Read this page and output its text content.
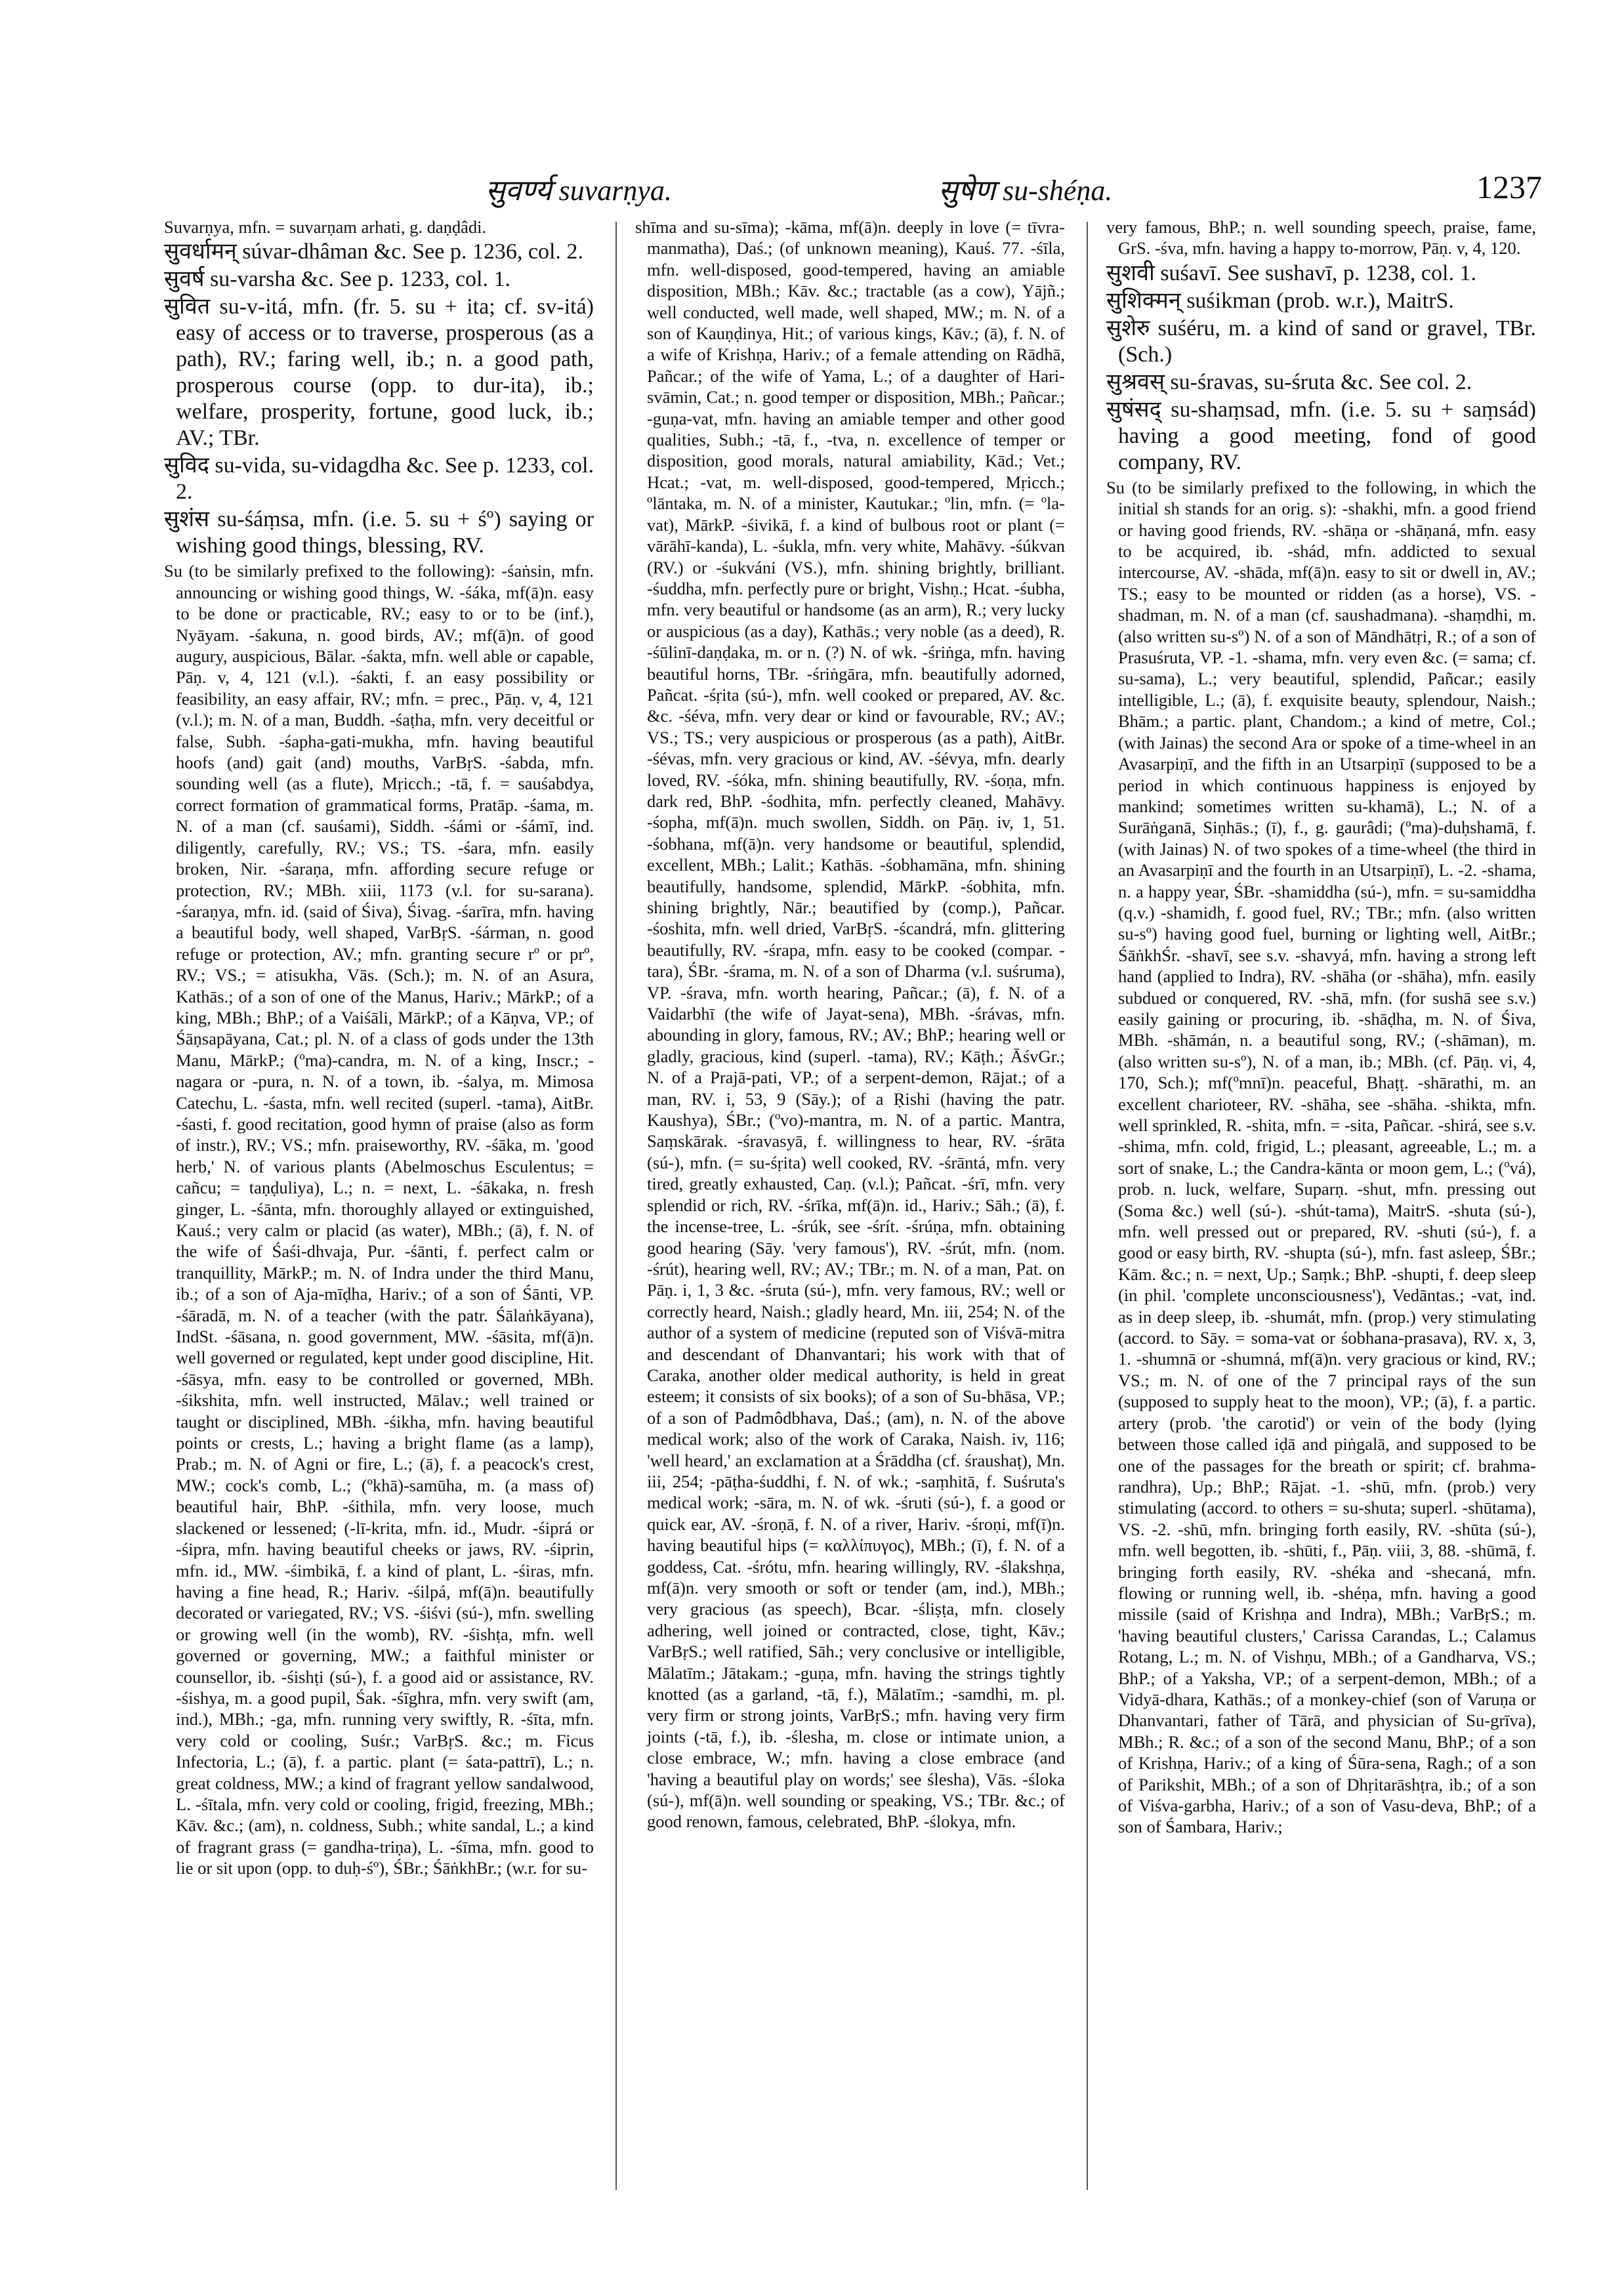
सुवर्ण्य suvarṇya.	सुषेण su-shéṇa.	1237

Suvarṇya, mfn. = suvarṇam arhati, g. daṇḍâdi.

सुवर्धामन् súvar-dhâman &c. See p. 1236, col. 2.

सुवर्ष su-varsha &c. See p. 1233, col. 1.

सुवित su-v-itá, mfn. (fr. 5. su + ita; cf. sv-itá) easy of access or to traverse, prosperous (as a path), RV.; faring well, ib.; n. a good path, prosperous course (opp. to dur-ita), ib.; welfare, prosperity, fortune, good luck, ib.; AV.; TBr.

सुविद su-vida, su-vidagdha &c. See p. 1233, col. 2.

सुशंस su-śáṃsa, mfn. (i.e. 5. su + śº) saying or wishing good things, blessing, RV.

Su (to be similarly prefixed to the following): -śaṅsin, mfn. announcing or wishing good things, W. -śáka, mf(ā)n. easy to be done or practicable, RV.; easy to or to be (inf.), Nyāyam. -śakuna, n. good birds, AV.; mf(ā)n. of good augury, auspicious, Bālar. -śakta, mfn. well able or capable, Pāṇ. v, 4, 121 (v.l.). -śakti, f. an easy possibility or feasibility, an easy affair, RV.; mfn. = prec., Pāṇ. v, 4, 121 (v.l.); m. N. of a man, Buddh. -śaṭha, mfn. very deceitful or false, Subh. -śapha-gati-mukha, mfn. having beautiful hoofs (and) gait (and) mouths, VarBṛS. -śabda, mfn. sounding well (as a flute), Mṛicch.; -tā, f. = sauśabdya, correct formation of grammatical forms, Pratāp. -śama, m. N. of a man (cf. sauśami), Siddh. -śámi or -śámī, ind. diligently, carefully, RV.; VS.; TS. -śara, mfn. easily broken, Nir. -śaraṇa, mfn. affording secure refuge or protection, RV.; MBh. xiii, 1173 (v.l. for su-sarana). -śaraṇya, mfn. id. (said of Śiva), Śivag. -śarīra, mfn. having a beautiful body, well shaped, VarBṛS. -śárman, n. good refuge or protection, AV.; mfn. granting secure rº or prº, RV.; VS.; = atisukha, Vās. (Sch.); m. N. of an Asura, Kathās.; of a son of one of the Manus, Hariv.; MārkP.; of a king, MBh.; BhP.; of a Vaiśāli, MārkP.; of a Kāṇva, VP.; of Śāṇsapāyana, Cat.; pl. N. of a class of gods under the 13th Manu, MārkP.; (ºma)-candra, m. N. of a king, Inscr.; -nagara or -pura, n. N. of a town, ib. -śalya, m. Mimosa Catechu, L. -śasta, mfn. well recited (superl. -tama), AitBr. -śasti, f. good recitation, good hymn of praise (also as form of instr.), RV.; VS.; mfn. praiseworthy, RV. -śāka, m. 'good herb,' N. of various plants (Abelmoschus Esculentus; = cañcu; = taṇḍuliya), L.; n. = next, L. -śākaka, n. fresh ginger, L. -śānta, mfn. thoroughly allayed or extinguished, Kauś.; very calm or placid (as water), MBh.; (ā), f. N. of the wife of Śaśi-dhvaja, Pur. -śānti, f. perfect calm or tranquillity, MārkP.; m. N. of Indra under the third Manu, ib.; of a son of Aja-mīḍha, Hariv.; of a son of Śānti, VP. -śāradā, m. N. of a teacher (with the patr. Śālaṅkāyana), IndSt. -śāsana, n. good government, MW. -śāsita, mf(ā)n. well governed or regulated, kept under good discipline, Hit. -śāsya, mfn. easy to be controlled or governed, MBh. -śikshita, mfn. well instructed, Mālav.; well trained or taught or disciplined, MBh. -śikha, mfn. having beautiful points or crests, L.; having a bright flame (as a lamp), Prab.; m. N. of Agni or fire, L.; (ā), f. a peacock's crest, MW.; cock's comb, L.; (ºkhā)-samūha, m. (a mass of) beautiful hair, BhP. -śithila, mfn. very loose, much slackened or lessened; (-lī-krita, mfn. id., Mudr. -śiprá or -śipra, mfn. having beautiful cheeks or jaws, RV. -śiprin, mfn. id., MW. -śimbikā, f. a kind of plant, L. -śiras, mfn. having a fine head, R.; Hariv. -śilpá, mf(ā)n. beautifully decorated or variegated, RV.; VS. -śiśvi (sú-), mfn. swelling or growing well (in the womb), RV. -śishṭa, mfn. well governed or governing, MW.; a faithful minister or counsellor, ib. -śishṭi (sú-), f. a good aid or assistance, RV. -śishya, m. a good pupil, Śak. -śīghra, mfn. very swift (am, ind.), MBh.; -ga, mfn. running very swiftly, R. -śīta, mfn. very cold or cooling, Suśr.; VarBṛS. &c.; m. Ficus Infectoria, L.; (ā), f. a partic. plant (= śata-pattrī), L.; n. great coldness, MW.; a kind of fragrant yellow sandalwood, L. -śītala, mfn. very cold or cooling, frigid, freezing, MBh.; Kāv. &c.; (am), n. coldness, Subh.; white sandal, L.; a kind of fragrant grass (= gandha-triṇa), L. -śīma, mfn. good to lie or sit upon (opp. to duḥ-śº), ŚBr.; ŚāṅkhBr.; (w.r. for su-

shīma and su-sīma); -kāma, mf(ā)n. deeply in love (= tīvra-manmatha), Daś.; (of unknown meaning), Kauś. 77. -śīla, mfn. well-disposed, good-tempered, having an amiable disposition, MBh.; Kāv. &c.; tractable (as a cow), Yājñ.; well conducted, well made, well shaped, MW.; m. N. of a son of Kauṇḍinya, Hit.; of various kings, Kāv.; (ā), f. N. of a wife of Krishṇa, Hariv.; of a female attending on Rādhā, Pañcar.; of the wife of Yama, L.; of a daughter of Hari-svāmin, Cat.; n. good temper or disposition, MBh.; Pañcar.; -guṇa-vat, mfn. having an amiable temper and other good qualities, Subh.; -tā, f., -tva, n. excellence of temper or disposition, good morals, natural amiability, Kād.; Vet.; Hcat.; -vat, m. well-disposed, good-tempered, Mṛicch.; ºlāntaka, m. N. of a minister, Kautukar.; ºlin, mfn. (= ºla-vat), MārkP. -śivikā, f. a kind of bulbous root or plant (= vārāhī-kanda), L. -śukla, mfn. very white, Mahāvy. -śúkvan (RV.) or -śukváni (VS.), mfn. shining brightly, brilliant. -śuddha, mfn. perfectly pure or bright, Vishṇ.; Hcat. -śubha, mfn. very beautiful or handsome (as an arm), R.; very lucky or auspicious (as a day), Kathās.; very noble (as a deed), R. -śūlinī-daṇḍaka, m. or n. (?) N. of wk. -śriṅga, mfn. having beautiful horns, TBr. -śriṅgāra, mfn. beautifully adorned, Pañcat. -śṛita (sú-), mfn. well cooked or prepared, AV. &c. &c. -śéva, mfn. very dear or kind or favourable, RV.; AV.; VS.; TS.; very auspicious or prosperous (as a path), AitBr. -śévas, mfn. very gracious or kind, AV. -śévya, mfn. dearly loved, RV. -śóka, mfn. shining beautifully, RV. -śoṇa, mfn. dark red, BhP. -śodhita, mfn. perfectly cleaned, Mahāvy. -śopha, mf(ā)n. much swollen, Siddh. on Pāṇ. iv, 1, 51. -śobhana, mf(ā)n. very handsome or beautiful, splendid, excellent, MBh.; Lalit.; Kathās. -śobhamāna, mfn. shining beautifully, handsome, splendid, MārkP. -śobhita, mfn. shining brightly, Nār.; beautified by (comp.), Pañcar. -śoshita, mfn. well dried, VarBṛS. -ścandrá, mfn. glittering beautifully, RV. -śrapa, mfn. easy to be cooked (compar. -tara), ŚBr. -śrama, m. N. of a son of Dharma (v.l. suśruma), VP. -śrava, mfn. worth hearing, Pañcar.; (ā), f. N. of a Vaidarbhī (the wife of Jayat-sena), MBh. -śrávas, mfn. abounding in glory, famous, RV.; AV.; BhP.; hearing well or gladly, gracious, kind (superl. -tama), RV.; Kāṭh.; ĀśvGr.; N. of a Prajā-pati, VP.; of a serpent-demon, Rājat.; of a man, RV. i, 53, 9 (Sāy.); of a Ṛishi (having the patr. Kaushya), ŚBr.; (ºvo)-mantra, m. N. of a partic. Mantra, Saṃskārak. -śravasyā, f. willingness to hear, RV. -śrāta (sú-), mfn. (= su-śṛita) well cooked, RV. -śrāntá, mfn. very tired, greatly exhausted, Caṇ. (v.l.); Pañcat. -śrī, mfn. very splendid or rich, RV. -śrīka, mf(ā)n. id., Hariv.; Sāh.; (ā), f. the incense-tree, L. -śrúk, see -śrít. -śrúṇa, mfn. obtaining good hearing (Sāy. 'very famous'), RV. -śrút, mfn. (nom. -śrút), hearing well, RV.; AV.; TBr.; m. N. of a man, Pat. on Pāṇ. i, 1, 3 &c. -śruta (sú-), mfn. very famous, RV.; well or correctly heard, Naish.; gladly heard, Mn. iii, 254; N. of the author of a system of medicine (reputed son of Viśvā-mitra and descendant of Dhanvantari; his work with that of Caraka, another older medical authority, is held in great esteem; it consists of six books); of a son of Su-bhāsa, VP.; of a son of Padmôdbhava, Daś.; (am), n. N. of the above medical work; also of the work of Caraka, Naish. iv, 116; 'well heard,' an exclamation at a Śrāddha (cf. śraushaṭ), Mn. iii, 254; -pāṭha-śuddhi, f. N. of wk.; -saṃhitā, f. Suśruta's medical work; -sāra, m. N. of wk. -śruti (sú-), f. a good or quick ear, AV. -śroṇā, f. N. of a river, Hariv. -śroṇi, mf(ī)n. having beautiful hips (= καλλίπυγος), MBh.; (ī), f. N. of a goddess, Cat. -śrótu, mfn. hearing willingly, RV. -ślakshṇa, mf(ā)n. very smooth or soft or tender (am, ind.), MBh.; very gracious (as speech), Bcar. -śliṣṭa, mfn. closely adhering, well joined or contracted, close, tight, Kāv.; VarBṛS.; well ratified, Sāh.; very conclusive or intelligible, Mālatīm.; Jātakam.; -guṇa, mfn. having the strings tightly knotted (as a garland, -tā, f.), Mālatīm.; -samdhi, m. pl. very firm or strong joints, VarBṛS.; mfn. having very firm joints (-tā, f.), ib. -ślesha, m. close or intimate union, a close embrace, W.; mfn. having a close embrace (and 'having a beautiful play on words;' see ślesha), Vās. -śloka (sú-), mf(ā)n. well sounding or speaking, VS.; TBr. &c.; of good renown, famous, celebrated, BhP. -ślokya, mfn.

very famous, BhP.; n. well sounding speech, praise, fame, GrS. -śva, mfn. having a happy to-morrow, Pāṇ. v, 4, 120.

सुशवी suśavī. See sushavī, p. 1238, col. 1.

सुशिक्मन् suśikman (prob. w.r.), MaitrS.

सुशेरु suśéru, m. a kind of sand or gravel, TBr. (Sch.)

सुश्रवस् su-śravas, su-śruta &c. See col. 2.

सुषंसद् su-shaṃsad, mfn. (i.e. 5. su + saṃsád) having a good meeting, fond of good company, RV.

Su (to be similarly prefixed to the following, in which the initial sh stands for an orig. s): -shakhi, mfn. a good friend or having good friends, RV. -shāṇa or -shāṇaná, mfn. easy to be acquired, ib. -shád, mfn. addicted to sexual intercourse, AV. -shāda, mf(ā)n. easy to sit or dwell in, AV.; TS.; easy to be mounted or ridden (as a horse), VS. -shadman, m. N. of a man (cf. saushadmana). -shaṃdhi, m. (also written su-sº) N. of a son of Māndhātṛi, R.; of a son of Prasuśruta, VP. -1. -shama, mfn. very even &c. (= sama; cf. su-sama), L.; very beautiful, splendid, Pañcar.; easily intelligible, L.; (ā), f. exquisite beauty, splendour, Naish.; Bhām.; a partic. plant, Chandom.; a kind of metre, Col.; (with Jainas) the second Ara or spoke of a time-wheel in an Avasarpiṇī, and the fifth in an Utsarpiṇī (supposed to be a period in which continuous happiness is enjoyed by mankind; sometimes written su-khamā), L.; N. of a Surāṅganā, Siṇhās.; (ī), f., g. gaurâdi; (ºma)-duḥshamā, f. (with Jainas) N. of two spokes of a time-wheel (the third in an Avasarpiṇī and the fourth in an Utsarpiṇī), L. -2. -shama, n. a happy year, ŚBr. -shamiddha (sú-), mfn. = su-samiddha (q.v.) -shamidh, f. good fuel, RV.; TBr.; mfn. (also written su-sº) having good fuel, burning or lighting well, AitBr.; ŚāṅkhŚr. -shavī, see s.v. -shavyá, mfn. having a strong left hand (applied to Indra), RV. -shāha (or -shāha), mfn. easily subdued or conquered, RV. -shā, mfn. (for sushā see s.v.) easily gaining or procuring, ib. -shāḍha, m. N. of Śiva, MBh. -shāmán, n. a beautiful song, RV.; (-shāman), m. (also written su-sº), N. of a man, ib.; MBh. (cf. Pāṇ. vi, 4, 170, Sch.); mf(ºmnī)n. peaceful, Bhaṭṭ. -shārathi, m. an excellent charioteer, RV. -shāha, see -shāha. -shikta, mfn. well sprinkled, R. -shita, mfn. = -sita, Pañcar. -shirá, see s.v. -shima, mfn. cold, frigid, L.; pleasant, agreeable, L.; m. a sort of snake, L.; the Candra-kānta or moon gem, L.; (ºvá), prob. n. luck, welfare, Suparṇ. -shut, mfn. pressing out (Soma &c.) well (sú-). -shút-tama), MaitrS. -shuta (sú-), mfn. well pressed out or prepared, RV. -shuti (sú-), f. a good or easy birth, RV. -shupta (sú-), mfn. fast asleep, ŚBr.; Kām. &c.; n. = next, Up.; Saṃk.; BhP. -shupti, f. deep sleep (in phil. 'complete unconsciousness'), Vedāntas.; -vat, ind. as in deep sleep, ib. -shumát, mfn. (prop.) very stimulating (accord. to Sāy. = soma-vat or śobhana-prasava), RV. x, 3, 1. -shumnā or -shumná, mf(ā)n. very gracious or kind, RV.; VS.; m. N. of one of the 7 principal rays of the sun (supposed to supply heat to the moon), VP.; (ā), f. a partic. artery (prob. 'the carotid') or vein of the body (lying between those called iḍā and piṅgalā, and supposed to be one of the passages for the breath or spirit; cf. brahma-randhra), Up.; BhP.; Rājat. -1. -shū, mfn. (prob.) very stimulating (accord. to others = su-shuta; superl. -shūtama), VS. -2. -shū, mfn. bringing forth easily, RV. -shūta (sú-), mfn. well begotten, ib. -shūti, f., Pāṇ. viii, 3, 88. -shūmā, f. bringing forth easily, RV. -shéka and -shecaná, mfn. flowing or running well, ib. -shéṇa, mfn. having a good missile (said of Krishṇa and Indra), MBh.; VarBṛS.; m. 'having beautiful clusters,' Carissa Carandas, L.; Calamus Rotang, L.; m. N. of Vishṇu, MBh.; of a Gandharva, VS.; BhP.; of a Yaksha, VP.; of a serpent-demon, MBh.; of a Vidyā-dhara, Kathās.; of a monkey-chief (son of Varuṇa or Dhanvantari, father of Tārā, and physician of Su-grīva), MBh.; R. &c.; of a son of the second Manu, BhP.; of a son of Krishṇa, Hariv.; of a king of Śūra-sena, Ragh.; of a son of Parikshit, MBh.; of a son of Dhṛitarāshṭra, ib.; of a son of Viśva-garbha, Hariv.; of a son of Vasu-deva, BhP.; of a son of Śambara, Hariv.;
